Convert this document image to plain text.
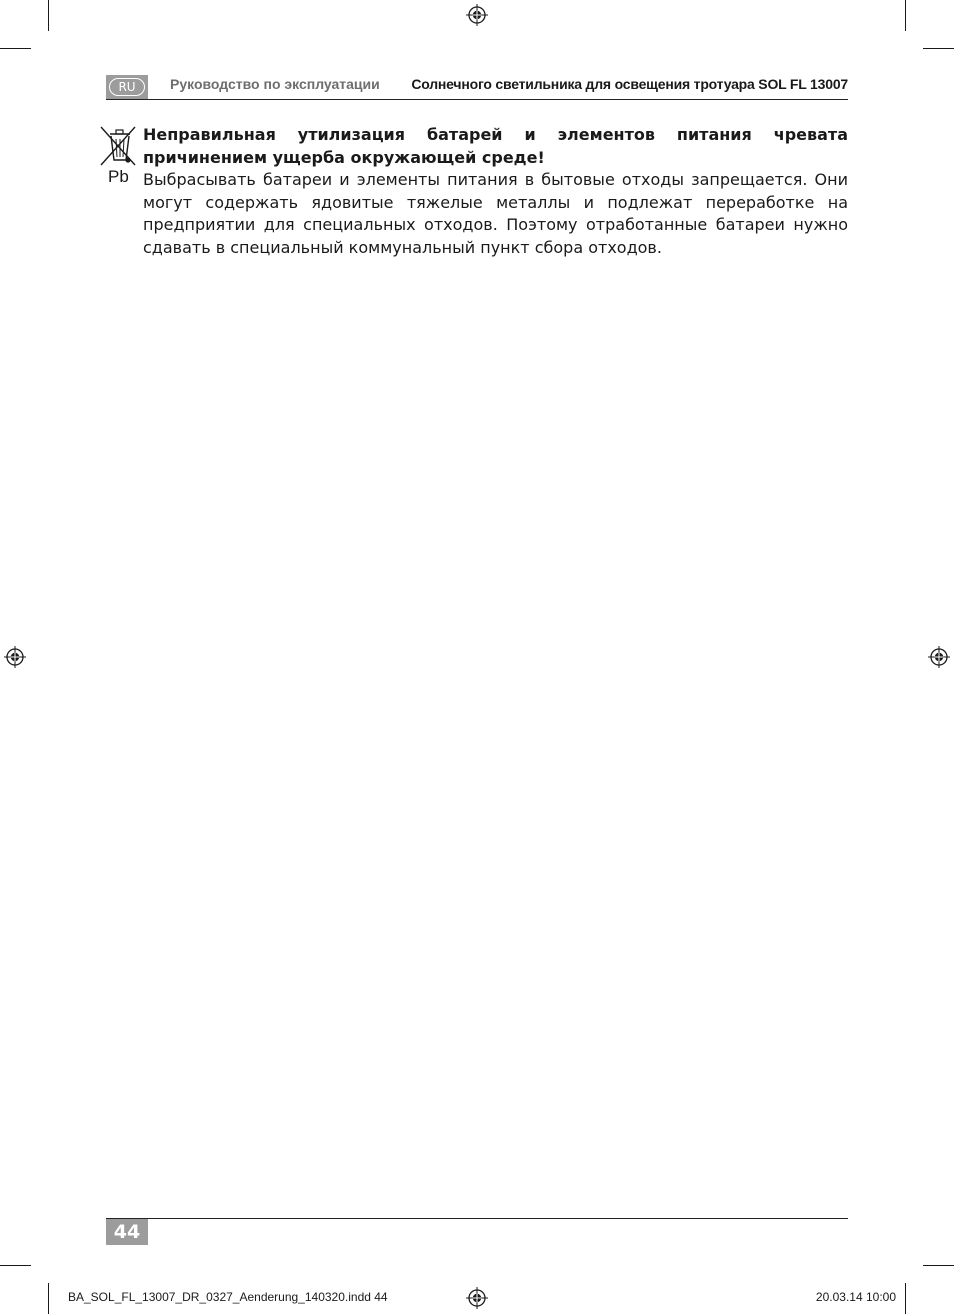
RU	Руководство по эксплуатации Солнечного светильника для освещения тротуара SOL FL 13007
Pb

Неправильная утилизация батарей и элементов питания чревата причинением ущерба окружающей среде!

Выбрасывать батареи и элементы питания в бытовые отходы запрещается. Они могут содержать ядовитые тяжелые металлы и подлежат переработке на предприятии для специальных отходов. Поэтому отработанные батареи нужно сдавать в специальный коммунальный пункт сбора отходов.

44
BA_SOL_FL_13007_DR_0327_Aenderung_140320.indd 44	20.03.14 10:00
